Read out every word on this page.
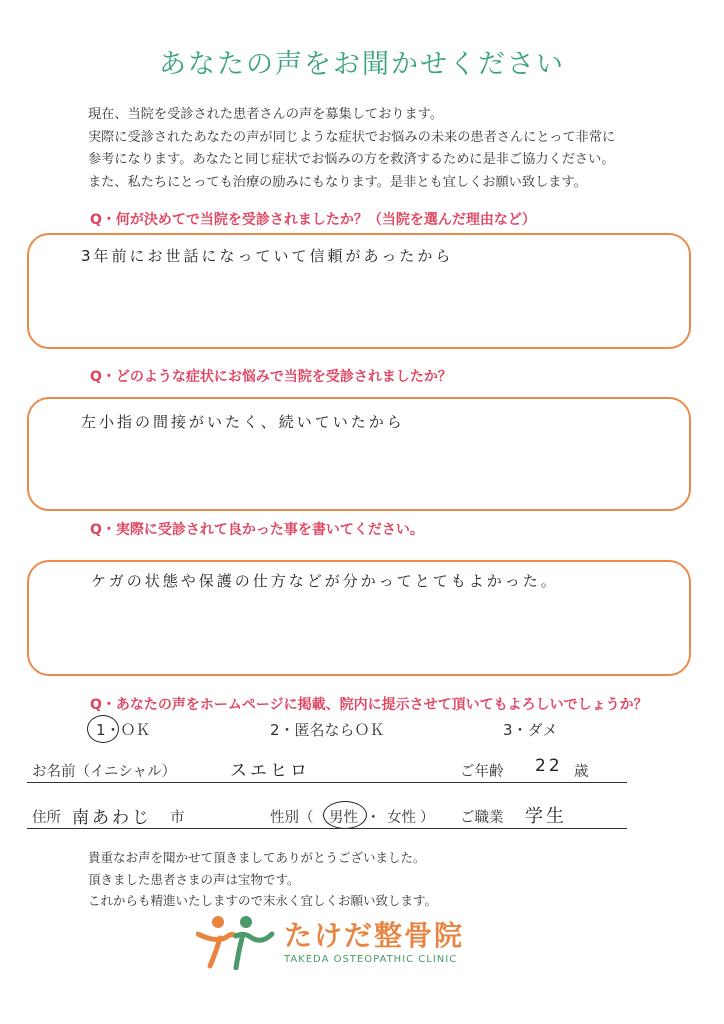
あなたの声をお聞かせください
現在、当院を受診された患者さんの声を募集しております。
実際に受診されたあなたの声が同じような症状でお悩みの未来の患者さんにとって非常に
参考になります。あなたと同じ症状でお悩みの方を救済するために是非ご協力ください。
また、私たちにとっても治療の励みにもなります。是非とも宜しくお願い致します。
Q・何が決めてで当院を受診されましたか？（当院を選んだ理由など）
3年前にお世話になっていて信頼があったから
Q・どのような症状にお悩みで当院を受診されましたか？
左小指の間接がいたく、続いていたから
Q・実際に受診されて良かった事を書いてください。
ケガの状態や保護の仕方などが分かってとてもよかった。
Q・あなたの声をホームページに掲載、院内に提示させて頂いてもよろしいでしょうか？
1・ＯＫ	2・匿名ならＯＫ	3・ダメ
お名前（イニシャル）	スエヒロ	ご年齢 22 歳
住所 南あわじ 市	性別（ 男性 ・ 女性 ） ご職業 学生
貴重なお声を聞かせて頂きましてありがとうございました。
頂きました患者さまの声は宝物です。
これからも精進いたしますので末永く宜しくお願い致します。
たけだ整骨院
TAKEDA OSTEOPATHIC CLINIC
